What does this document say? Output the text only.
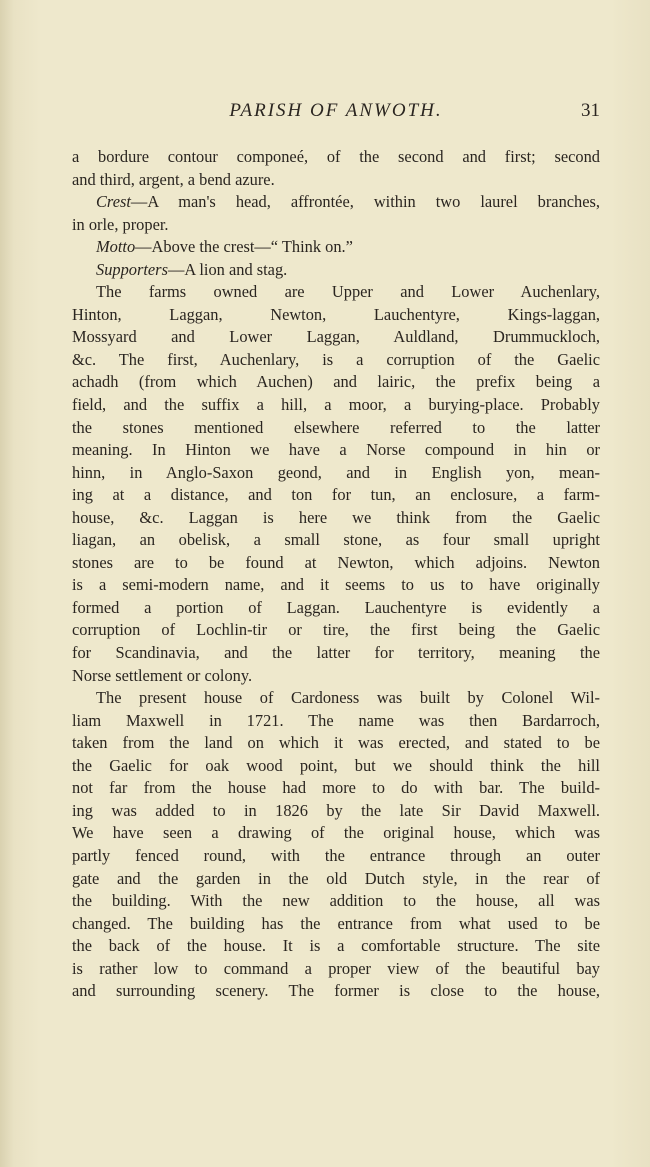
PARISH OF ANWOTH.	31
a bordure contour componeé, of the second and first; second
and third, argent, a bend azure.
Crest—A man's head, affrontée, within two laurel branches,
in orle, proper.
Motto—Above the crest—“ Think on.”
Supporters—A lion and stag.
The farms owned are Upper and Lower Auchenlary,
Hinton, Laggan, Newton, Lauchentyre, Kings-laggan,
Mossyard and Lower Laggan, Auldland, Drummuckloch,
&c. The first, Auchenlary, is a corruption of the Gaelic
achadh (from which Auchen) and lairic, the prefix being a
field, and the suffix a hill, a moor, a burying-place. Probably
the stones mentioned elsewhere referred to the latter
meaning. In Hinton we have a Norse compound in hin or
hinn, in Anglo-Saxon geond, and in English yon, mean-
ing at a distance, and ton for tun, an enclosure, a farm-
house, &c. Laggan is here we think from the Gaelic
liagan, an obelisk, a small stone, as four small upright
stones are to be found at Newton, which adjoins. Newton
is a semi-modern name, and it seems to us to have originally
formed a portion of Laggan. Lauchentyre is evidently a
corruption of Lochlin-tir or tire, the first being the Gaelic
for Scandinavia, and the latter for territory, meaning the
Norse settlement or colony.
The present house of Cardoness was built by Colonel Wil-
liam Maxwell in 1721. The name was then Bardarroch,
taken from the land on which it was erected, and stated to be
the Gaelic for oak wood point, but we should think the hill
not far from the house had more to do with bar. The build-
ing was added to in 1826 by the late Sir David Maxwell.
We have seen a drawing of the original house, which was
partly fenced round, with the entrance through an outer
gate and the garden in the old Dutch style, in the rear of
the building. With the new addition to the house, all was
changed. The building has the entrance from what used to be
the back of the house. It is a comfortable structure. The site
is rather low to command a proper view of the beautiful bay
and surrounding scenery. The former is close to the house,
